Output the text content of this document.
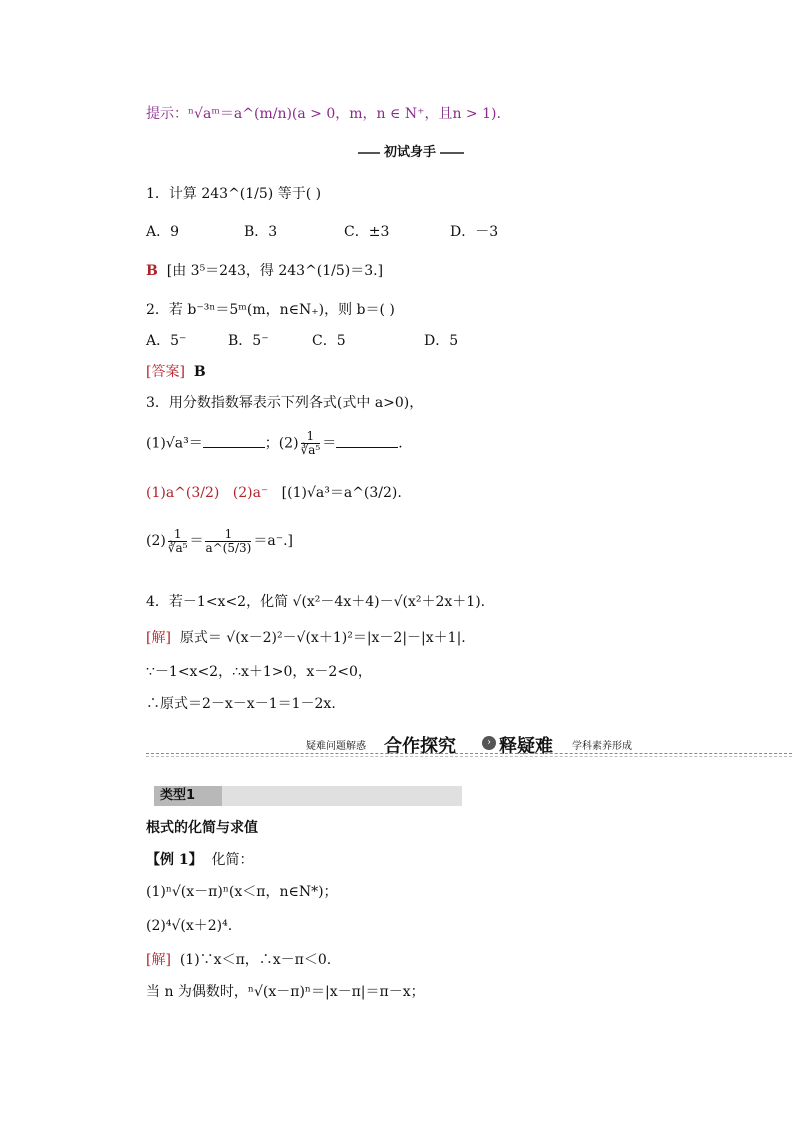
提示：ⁿ√aᵐ＝a^(m/n)(a > 0，m，n ∈ N⁺，且n > 1).
初试身手
1．计算 243^(1/5) 等于( )
A．9	B．3	C．±3	D．－3
B [由 3⁵＝243，得 243^(1/5)＝3.]
2．若 b⁻³ⁿ＝5ᵐ(m，n∈N₊)，则 b＝( )
A．5⁻	B．5⁻	C．5	D．5
[答案] B
3．用分数指数幂表示下列各式(式中 a>0)，
(1)√a³＝	；$(2) \frac{1}{\text{∛a⁵}}$ ＝	.
(1)a^(3/2) (2)a⁻ [(1)√a³＝a^(3/2).
$(2) \frac{1}{\text{∛a⁵}} = \frac{1}{a\^{}(5/3)} =a^-$.]
4．若－1<x<2，化简 √(x²－4x＋4)－√(x²＋2x＋1).
[解] 原式＝ √(x－2)²－√(x＋1)²＝|x－2|－|x＋1|.
∵－1<x<2，∴x＋1>0，x－2<0，
∴原式＝2－x－x－1＝1－2x.
疑难问题解惑 合作探究	› 释疑难 学科素养形成
类型1
根式的化简与求值
【例 1】 化简：
(1)ⁿ√(x－π)ⁿ(x＜π，n∈N*)；
(2)⁴√(x＋2)⁴.
[解] (1)∵x＜π，∴x－π＜0.
当 n 为偶数时，ⁿ√(x－π)ⁿ＝|x－π|＝π－x；
